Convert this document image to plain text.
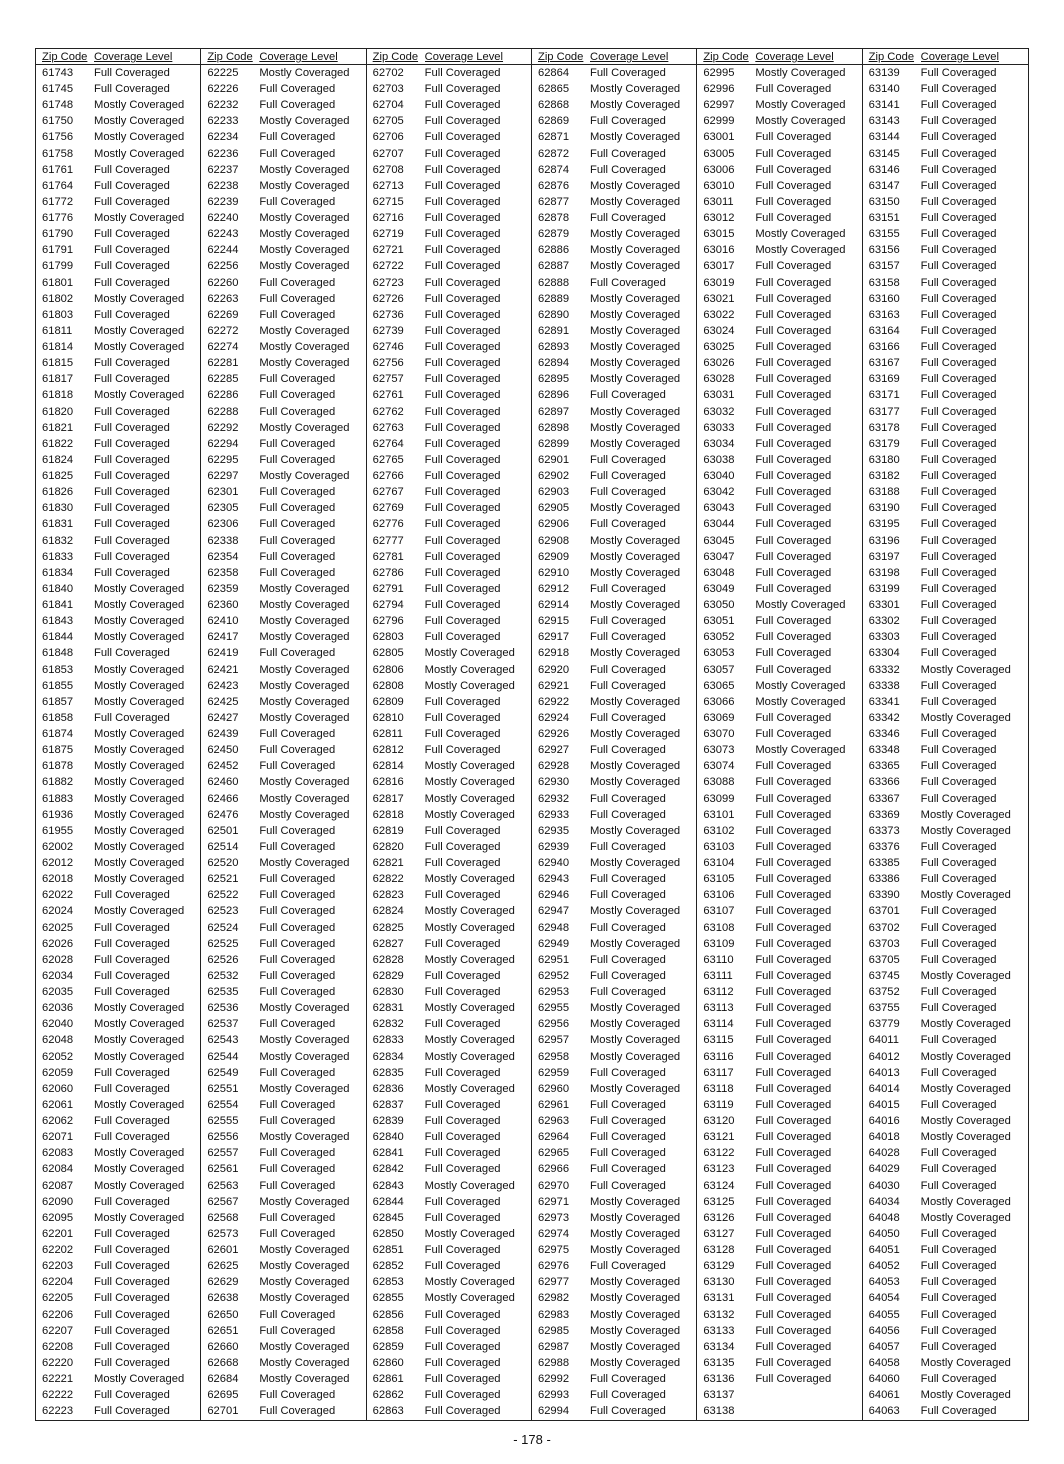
Zip Code Coverage Level
61743	Full Coveraged
61745	Full Coveraged
61748	Mostly Coveraged
61750	Mostly Coveraged
61756	Mostly Coveraged
61758	Mostly Coveraged
61761	Full Coveraged
61764	Full Coveraged
61772	Full Coveraged
61776	Mostly Coveraged
61790	Full Coveraged
61791	Full Coveraged
61799	Full Coveraged
61801	Full Coveraged
61802	Mostly Coveraged
61803	Full Coveraged
61811	Mostly Coveraged
61814	Mostly Coveraged
61815	Full Coveraged
61817	Full Coveraged
61818	Mostly Coveraged
61820	Full Coveraged
61821	Full Coveraged
61822	Full Coveraged
61824	Full Coveraged
61825	Full Coveraged
61826	Full Coveraged
61830	Full Coveraged
61831	Full Coveraged
61832	Full Coveraged
61833	Full Coveraged
61834	Full Coveraged
61840	Mostly Coveraged
61841	Mostly Coveraged
61843	Mostly Coveraged
61844	Mostly Coveraged
61848	Full Coveraged
61853	Mostly Coveraged
61855	Mostly Coveraged
61857	Mostly Coveraged
61858	Full Coveraged
61874	Mostly Coveraged
61875	Mostly Coveraged
61878	Mostly Coveraged
61882	Mostly Coveraged
61883	Mostly Coveraged
61936	Mostly Coveraged
61955	Mostly Coveraged
62002	Mostly Coveraged
62012	Mostly Coveraged
62018	Mostly Coveraged
62022	Full Coveraged
62024	Mostly Coveraged
62025	Full Coveraged
62026	Full Coveraged
62028	Full Coveraged
62034	Full Coveraged
62035	Full Coveraged
62036	Mostly Coveraged
62040	Mostly Coveraged
62048	Mostly Coveraged
62052	Mostly Coveraged
62059	Full Coveraged
62060	Full Coveraged
62061	Mostly Coveraged
62062	Full Coveraged
62071	Full Coveraged
62083	Mostly Coveraged
62084	Mostly Coveraged
62087	Mostly Coveraged
62090	Full Coveraged
62095	Mostly Coveraged
62201	Full Coveraged
62202	Full Coveraged
62203	Full Coveraged
62204	Full Coveraged
62205	Full Coveraged
62206	Full Coveraged
62207	Full Coveraged
62208	Full Coveraged
62220	Full Coveraged
62221	Mostly Coveraged
62222	Full Coveraged
62223	Full Coveraged
Zip Code Coverage Level
62225	Mostly Coveraged
62226	Full Coveraged
62232	Full Coveraged
62233	Mostly Coveraged
62234	Full Coveraged
62236	Full Coveraged
62237	Mostly Coveraged
62238	Mostly Coveraged
62239	Full Coveraged
62240	Mostly Coveraged
62243	Mostly Coveraged
62244	Mostly Coveraged
62256	Mostly Coveraged
62260	Full Coveraged
62263	Full Coveraged
62269	Full Coveraged
62272	Mostly Coveraged
62274	Mostly Coveraged
62281	Mostly Coveraged
62285	Full Coveraged
62286	Full Coveraged
62288	Full Coveraged
62292	Mostly Coveraged
62294	Full Coveraged
62295	Full Coveraged
62297	Mostly Coveraged
62301	Full Coveraged
62305	Full Coveraged
62306	Full Coveraged
62338	Full Coveraged
62354	Full Coveraged
62358	Full Coveraged
62359	Mostly Coveraged
62360	Mostly Coveraged
62410	Mostly Coveraged
62417	Mostly Coveraged
62419	Full Coveraged
62421	Mostly Coveraged
62423	Mostly Coveraged
62425	Mostly Coveraged
62427	Mostly Coveraged
62439	Full Coveraged
62450	Full Coveraged
62452	Full Coveraged
62460	Mostly Coveraged
62466	Mostly Coveraged
62476	Mostly Coveraged
62501	Full Coveraged
62514	Full Coveraged
62520	Mostly Coveraged
62521	Full Coveraged
62522	Full Coveraged
62523	Full Coveraged
62524	Full Coveraged
62525	Full Coveraged
62526	Full Coveraged
62532	Full Coveraged
62535	Full Coveraged
62536	Mostly Coveraged
62537	Full Coveraged
62543	Mostly Coveraged
62544	Mostly Coveraged
62549	Full Coveraged
62551	Mostly Coveraged
62554	Full Coveraged
62555	Full Coveraged
62556	Mostly Coveraged
62557	Full Coveraged
62561	Full Coveraged
62563	Full Coveraged
62567	Mostly Coveraged
62568	Full Coveraged
62573	Full Coveraged
62601	Mostly Coveraged
62625	Mostly Coveraged
62629	Mostly Coveraged
62638	Mostly Coveraged
62650	Full Coveraged
62651	Full Coveraged
62660	Mostly Coveraged
62668	Mostly Coveraged
62684	Mostly Coveraged
62695	Full Coveraged
62701	Full Coveraged
Zip Code Coverage Level
62702	Full Coveraged
62703	Full Coveraged
62704	Full Coveraged
62705	Full Coveraged
62706	Full Coveraged
62707	Full Coveraged
62708	Full Coveraged
62713	Full Coveraged
62715	Full Coveraged
62716	Full Coveraged
62719	Full Coveraged
62721	Full Coveraged
62722	Full Coveraged
62723	Full Coveraged
62726	Full Coveraged
62736	Full Coveraged
62739	Full Coveraged
62746	Full Coveraged
62756	Full Coveraged
62757	Full Coveraged
62761	Full Coveraged
62762	Full Coveraged
62763	Full Coveraged
62764	Full Coveraged
62765	Full Coveraged
62766	Full Coveraged
62767	Full Coveraged
62769	Full Coveraged
62776	Full Coveraged
62777	Full Coveraged
62781	Full Coveraged
62786	Full Coveraged
62791	Full Coveraged
62794	Full Coveraged
62796	Full Coveraged
62803	Full Coveraged
62805	Mostly Coveraged
62806	Mostly Coveraged
62808	Mostly Coveraged
62809	Full Coveraged
62810	Full Coveraged
62811	Full Coveraged
62812	Full Coveraged
62814	Mostly Coveraged
62816	Mostly Coveraged
62817	Mostly Coveraged
62818	Mostly Coveraged
62819	Full Coveraged
62820	Full Coveraged
62821	Full Coveraged
62822	Mostly Coveraged
62823	Full Coveraged
62824	Mostly Coveraged
62825	Mostly Coveraged
62827	Full Coveraged
62828	Mostly Coveraged
62829	Full Coveraged
62830	Full Coveraged
62831	Mostly Coveraged
62832	Full Coveraged
62833	Mostly Coveraged
62834	Mostly Coveraged
62835	Full Coveraged
62836	Mostly Coveraged
62837	Full Coveraged
62839	Full Coveraged
62840	Full Coveraged
62841	Full Coveraged
62842	Full Coveraged
62843	Mostly Coveraged
62844	Full Coveraged
62845	Full Coveraged
62850	Mostly Coveraged
62851	Full Coveraged
62852	Full Coveraged
62853	Mostly Coveraged
62855	Mostly Coveraged
62856	Full Coveraged
62858	Full Coveraged
62859	Full Coveraged
62860	Full Coveraged
62861	Full Coveraged
62862	Full Coveraged
62863	Full Coveraged
Zip Code Coverage Level
62864	Full Coveraged
62865	Mostly Coveraged
62868	Mostly Coveraged
62869	Full Coveraged
62871	Mostly Coveraged
62872	Full Coveraged
62874	Full Coveraged
62876	Mostly Coveraged
62877	Mostly Coveraged
62878	Full Coveraged
62879	Mostly Coveraged
62886	Mostly Coveraged
62887	Mostly Coveraged
62888	Full Coveraged
62889	Mostly Coveraged
62890	Mostly Coveraged
62891	Mostly Coveraged
62893	Mostly Coveraged
62894	Mostly Coveraged
62895	Mostly Coveraged
62896	Full Coveraged
62897	Mostly Coveraged
62898	Mostly Coveraged
62899	Mostly Coveraged
62901	Full Coveraged
62902	Full Coveraged
62903	Full Coveraged
62905	Mostly Coveraged
62906	Full Coveraged
62908	Mostly Coveraged
62909	Mostly Coveraged
62910	Mostly Coveraged
62912	Full Coveraged
62914	Mostly Coveraged
62915	Full Coveraged
62917	Full Coveraged
62918	Mostly Coveraged
62920	Full Coveraged
62921	Full Coveraged
62922	Mostly Coveraged
62924	Full Coveraged
62926	Mostly Coveraged
62927	Full Coveraged
62928	Mostly Coveraged
62930	Mostly Coveraged
62932	Full Coveraged
62933	Full Coveraged
62935	Mostly Coveraged
62939	Full Coveraged
62940	Mostly Coveraged
62943	Full Coveraged
62946	Full Coveraged
62947	Mostly Coveraged
62948	Full Coveraged
62949	Mostly Coveraged
62951	Full Coveraged
62952	Full Coveraged
62953	Full Coveraged
62955	Mostly Coveraged
62956	Mostly Coveraged
62957	Mostly Coveraged
62958	Mostly Coveraged
62959	Full Coveraged
62960	Mostly Coveraged
62961	Full Coveraged
62963	Full Coveraged
62964	Full Coveraged
62965	Full Coveraged
62966	Full Coveraged
62970	Full Coveraged
62971	Mostly Coveraged
62973	Mostly Coveraged
62974	Mostly Coveraged
62975	Mostly Coveraged
62976	Full Coveraged
62977	Mostly Coveraged
62982	Mostly Coveraged
62983	Mostly Coveraged
62985	Mostly Coveraged
62987	Mostly Coveraged
62988	Mostly Coveraged
62992	Full Coveraged
62993	Full Coveraged
62994	Full Coveraged
Zip Code Coverage Level
62995	Mostly Coveraged
62996	Full Coveraged
62997	Mostly Coveraged
62999	Mostly Coveraged
63001	Full Coveraged
63005	Full Coveraged
63006	Full Coveraged
63010	Full Coveraged
63011	Full Coveraged
63012	Full Coveraged
63015	Mostly Coveraged
63016	Mostly Coveraged
63017	Full Coveraged
63019	Full Coveraged
63021	Full Coveraged
63022	Full Coveraged
63024	Full Coveraged
63025	Full Coveraged
63026	Full Coveraged
63028	Full Coveraged
63031	Full Coveraged
63032	Full Coveraged
63033	Full Coveraged
63034	Full Coveraged
63038	Full Coveraged
63040	Full Coveraged
63042	Full Coveraged
63043	Full Coveraged
63044	Full Coveraged
63045	Full Coveraged
63047	Full Coveraged
63048	Full Coveraged
63049	Full Coveraged
63050	Mostly Coveraged
63051	Full Coveraged
63052	Full Coveraged
63053	Full Coveraged
63057	Full Coveraged
63065	Mostly Coveraged
63066	Mostly Coveraged
63069	Full Coveraged
63070	Full Coveraged
63073	Mostly Coveraged
63074	Full Coveraged
63088	Full Coveraged
63099	Full Coveraged
63101	Full Coveraged
63102	Full Coveraged
63103	Full Coveraged
63104	Full Coveraged
63105	Full Coveraged
63106	Full Coveraged
63107	Full Coveraged
63108	Full Coveraged
63109	Full Coveraged
63110	Full Coveraged
63111	Full Coveraged
63112	Full Coveraged
63113	Full Coveraged
63114	Full Coveraged
63115	Full Coveraged
63116	Full Coveraged
63117	Full Coveraged
63118	Full Coveraged
63119	Full Coveraged
63120	Full Coveraged
63121	Full Coveraged
63122	Full Coveraged
63123	Full Coveraged
63124	Full Coveraged
63125	Full Coveraged
63126	Full Coveraged
63127	Full Coveraged
63128	Full Coveraged
63129	Full Coveraged
63130	Full Coveraged
63131	Full Coveraged
63132	Full Coveraged
63133	Full Coveraged
63134	Full Coveraged
63135	Full Coveraged
63136	Full Coveraged
63137
63138
Zip Code Coverage Level
63139	Full Coveraged
63140	Full Coveraged
63141	Full Coveraged
63143	Full Coveraged
63144	Full Coveraged
63145	Full Coveraged
63146	Full Coveraged
63147	Full Coveraged
63150	Full Coveraged
63151	Full Coveraged
63155	Full Coveraged
63156	Full Coveraged
63157	Full Coveraged
63158	Full Coveraged
63160	Full Coveraged
63163	Full Coveraged
63164	Full Coveraged
63166	Full Coveraged
63167	Full Coveraged
63169	Full Coveraged
63171	Full Coveraged
63177	Full Coveraged
63178	Full Coveraged
63179	Full Coveraged
63180	Full Coveraged
63182	Full Coveraged
63188	Full Coveraged
63190	Full Coveraged
63195	Full Coveraged
63196	Full Coveraged
63197	Full Coveraged
63198	Full Coveraged
63199	Full Coveraged
63301	Full Coveraged
63302	Full Coveraged
63303	Full Coveraged
63304	Full Coveraged
63332	Mostly Coveraged
63338	Full Coveraged
63341	Full Coveraged
63342	Mostly Coveraged
63346	Full Coveraged
63348	Full Coveraged
63365	Full Coveraged
63366	Full Coveraged
63367	Full Coveraged
63369	Mostly Coveraged
63373	Mostly Coveraged
63376	Full Coveraged
63385	Full Coveraged
63386	Full Coveraged
63390	Mostly Coveraged
63701	Full Coveraged
63702	Full Coveraged
63703	Full Coveraged
63705	Full Coveraged
63745	Mostly Coveraged
63752	Full Coveraged
63755	Full Coveraged
63779	Mostly Coveraged
64011	Full Coveraged
64012	Mostly Coveraged
64013	Full Coveraged
64014	Mostly Coveraged
64015	Full Coveraged
64016	Mostly Coveraged
64018	Mostly Coveraged
64028	Full Coveraged
64029	Full Coveraged
64030	Full Coveraged
64034	Mostly Coveraged
64048	Mostly Coveraged
64050	Full Coveraged
64051	Full Coveraged
64052	Full Coveraged
64053	Full Coveraged
64054	Full Coveraged
64055	Full Coveraged
64056	Full Coveraged
64057	Full Coveraged
64058	Mostly Coveraged
64060	Full Coveraged
64061	Mostly Coveraged
64063	Full Coveraged
- 178 -
